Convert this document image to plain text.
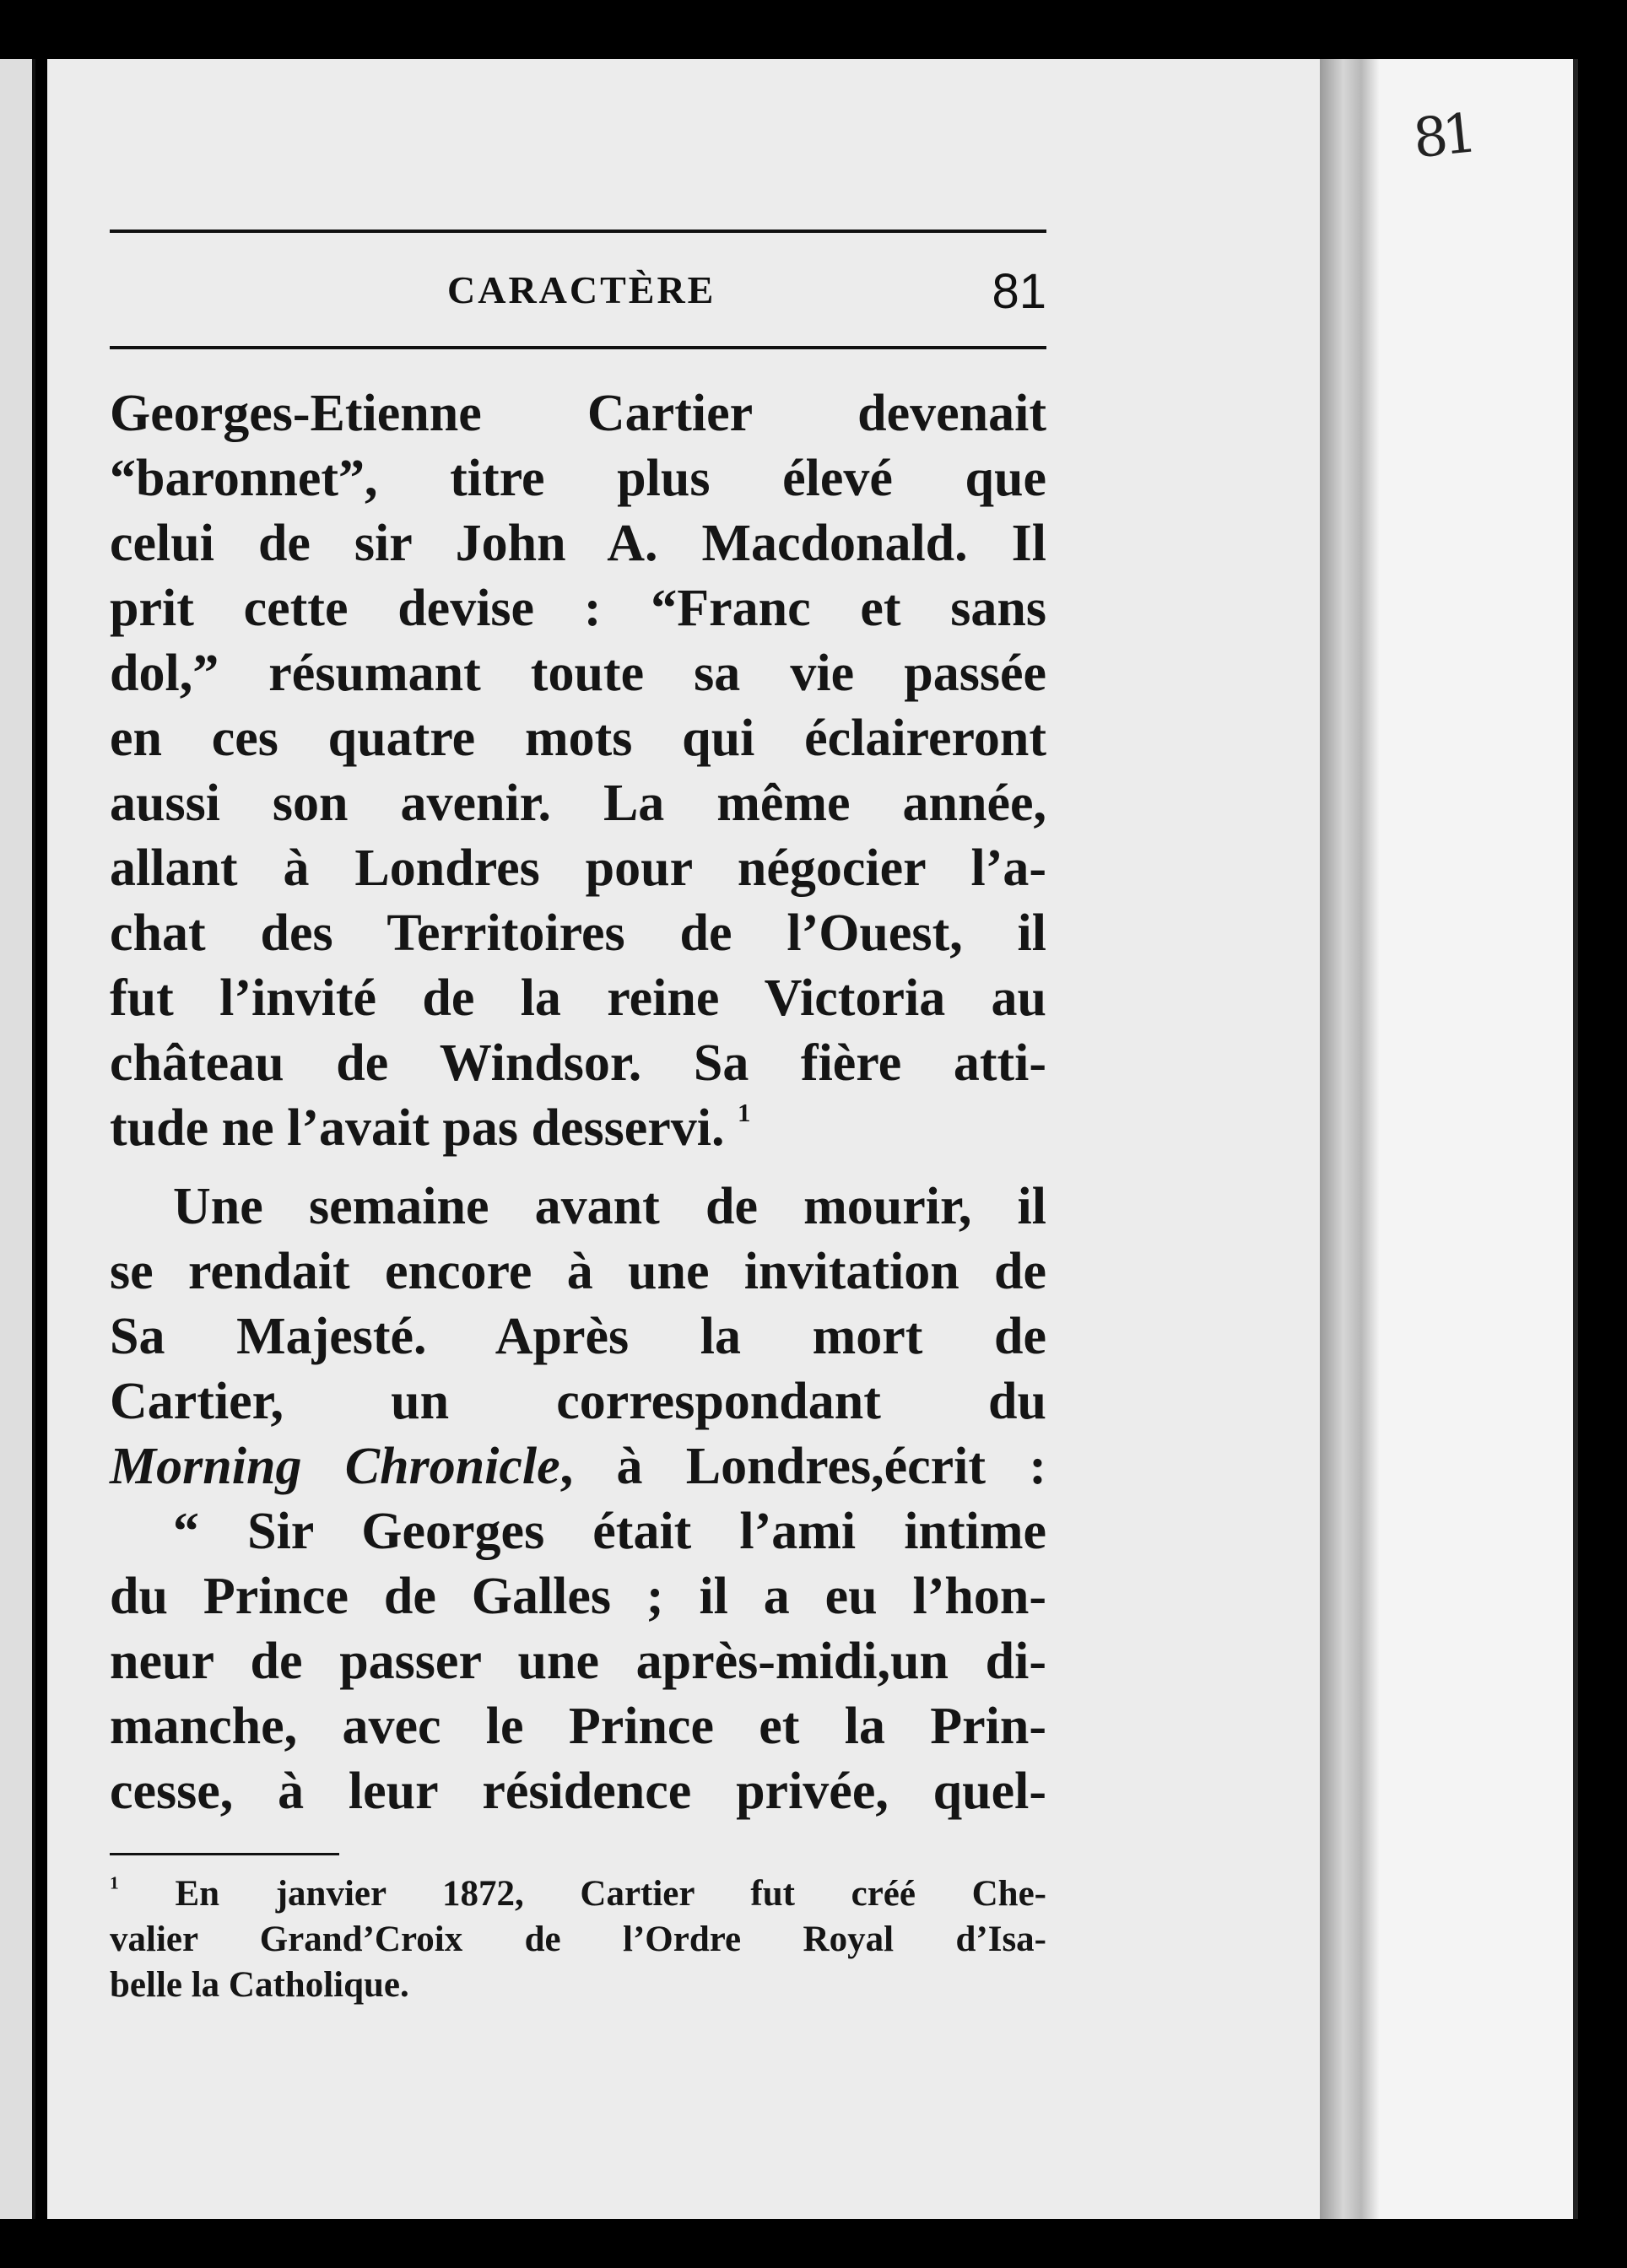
81
CARACTÈRE	81
Georges-Etienne Cartier devenait
“baronnet”, titre plus élevé que
celui de sir John A. Macdonald. Il
prit cette devise : “Franc et sans
dol,” résumant toute sa vie passée
en ces quatre mots qui éclaireront
aussi son avenir. La même année,
allant à Londres pour négocier l’a-
chat des Territoires de l’Ouest, il
fut l’invité de la reine Victoria au
château de Windsor. Sa fière atti-
tude ne l’avait pas desservi. $^1$
Une semaine avant de mourir, il
se rendait encore à une invitation de
Sa Majesté. Après la mort de
Cartier, un correspondant du
Morning Chronicle, à Londres,écrit :
“ Sir Georges était l’ami intime
du Prince de Galles ; il a eu l’hon-
neur de passer une après-midi,un di-
manche, avec le Prince et la Prin-
cesse, à leur résidence privée, quel-
$^1$ En janvier 1872, Cartier fut créé Che-
valier Grand’Croix de l’Ordre Royal d’Isa-
belle la Catholique.
